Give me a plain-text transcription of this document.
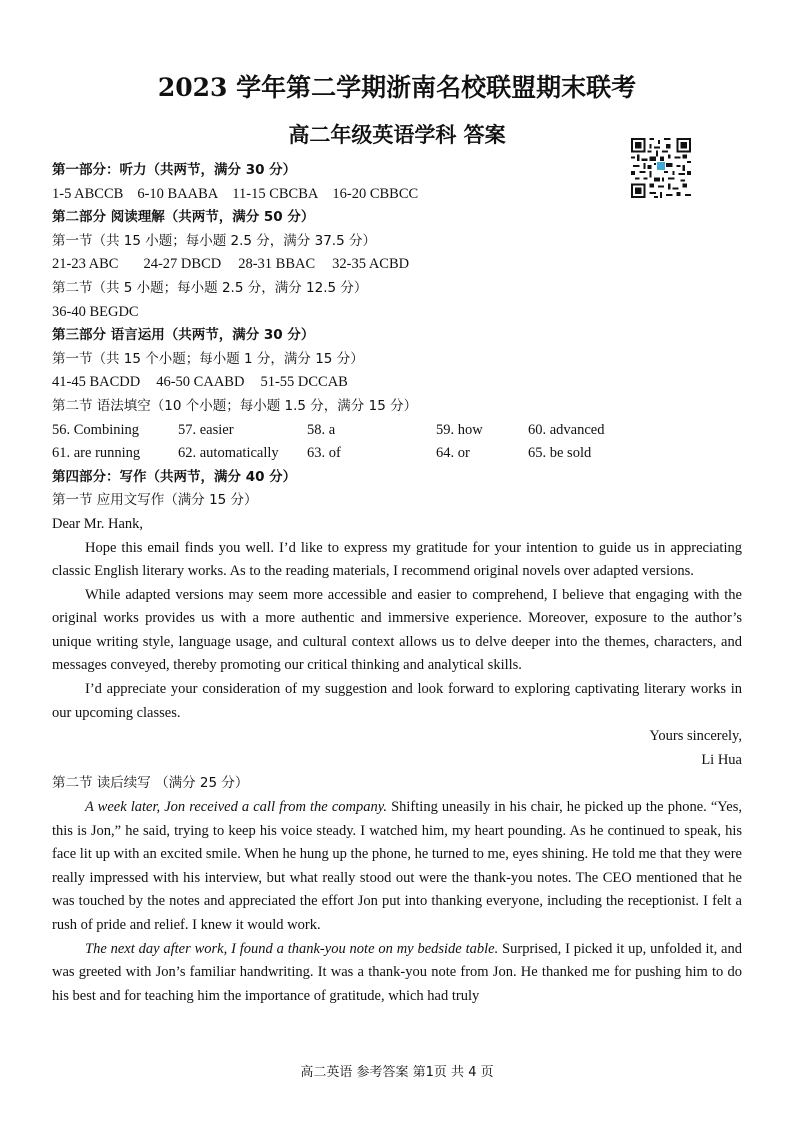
2023 学年第二学期浙南名校联盟期末联考
高二年级英语学科 答案
第一部分：听力（共两节，满分 30 分）
1-5 ABCCB 6-10 BAABA 11-15 CBCBA 16-20 CBBCC
第二部分 阅读理解（共两节，满分 50 分）
第一节（共 15 小题；每小题 2.5 分，满分 37.5 分）
21-23 ABC 24-27 DBCD 28-31 BBAC 32-35 ACBD
第二节（共 5 小题；每小题 2.5 分，满分 12.5 分）
36-40 BEGDC
第三部分 语言运用（共两节，满分 30 分）
第一节（共 15 个小题；每小题 1 分，满分 15 分）
41-45 BACDD 46-50 CAABD 51-55 DCCAB
第二节 语法填空（10 个小题；每小题 1.5 分，满分 15 分）
56. Combining	57. easier	58. a	59. how	60. advanced
61. are running	62. automatically	63. of	64. or	65. be sold
第四部分：写作（共两节，满分 40 分）
第一节 应用文写作（满分 15 分）
Dear Mr. Hank,

Hope this email finds you well. I’d like to express my gratitude for your intention to guide us in appreciating classic English literary works. As to the reading materials, I recommend original novels over adapted versions.

While adapted versions may seem more accessible and easier to comprehend, I believe that engaging with the original works provides us with a more authentic and immersive experience. Moreover, exposure to the author’s unique writing style, language usage, and cultural context allows us to delve deeper into the themes, characters, and messages conveyed, thereby promoting our critical thinking and analytical skills.

I’d appreciate your consideration of my suggestion and look forward to exploring captivating literary works in our upcoming classes.

Yours sincerely,
Li Hua
第二节 读后续写 （满分 25 分）

A week later, Jon received a call from the company. Shifting uneasily in his chair, he picked up the phone. “Yes, this is Jon,” he said, trying to keep his voice steady. I watched him, my heart pounding. As he continued to speak, his face lit up with an excited smile. When he hung up the phone, he turned to me, eyes shining. He told me that they were really impressed with his interview, but what really stood out were the thank-you notes. The CEO mentioned that he was touched by the notes and appreciated the effort Jon put into thanking everyone, including the receptionist. I felt a rush of pride and relief. I knew it would work.

The next day after work, I found a thank-you note on my bedside table. Surprised, I picked it up, unfolded it, and was greeted with Jon’s familiar handwriting. It was a thank-you note from Jon. He thanked me for pushing him to do his best and for teaching him the importance of gratitude, which had truly

高二英语 参考答案 第1页 共 4 页
